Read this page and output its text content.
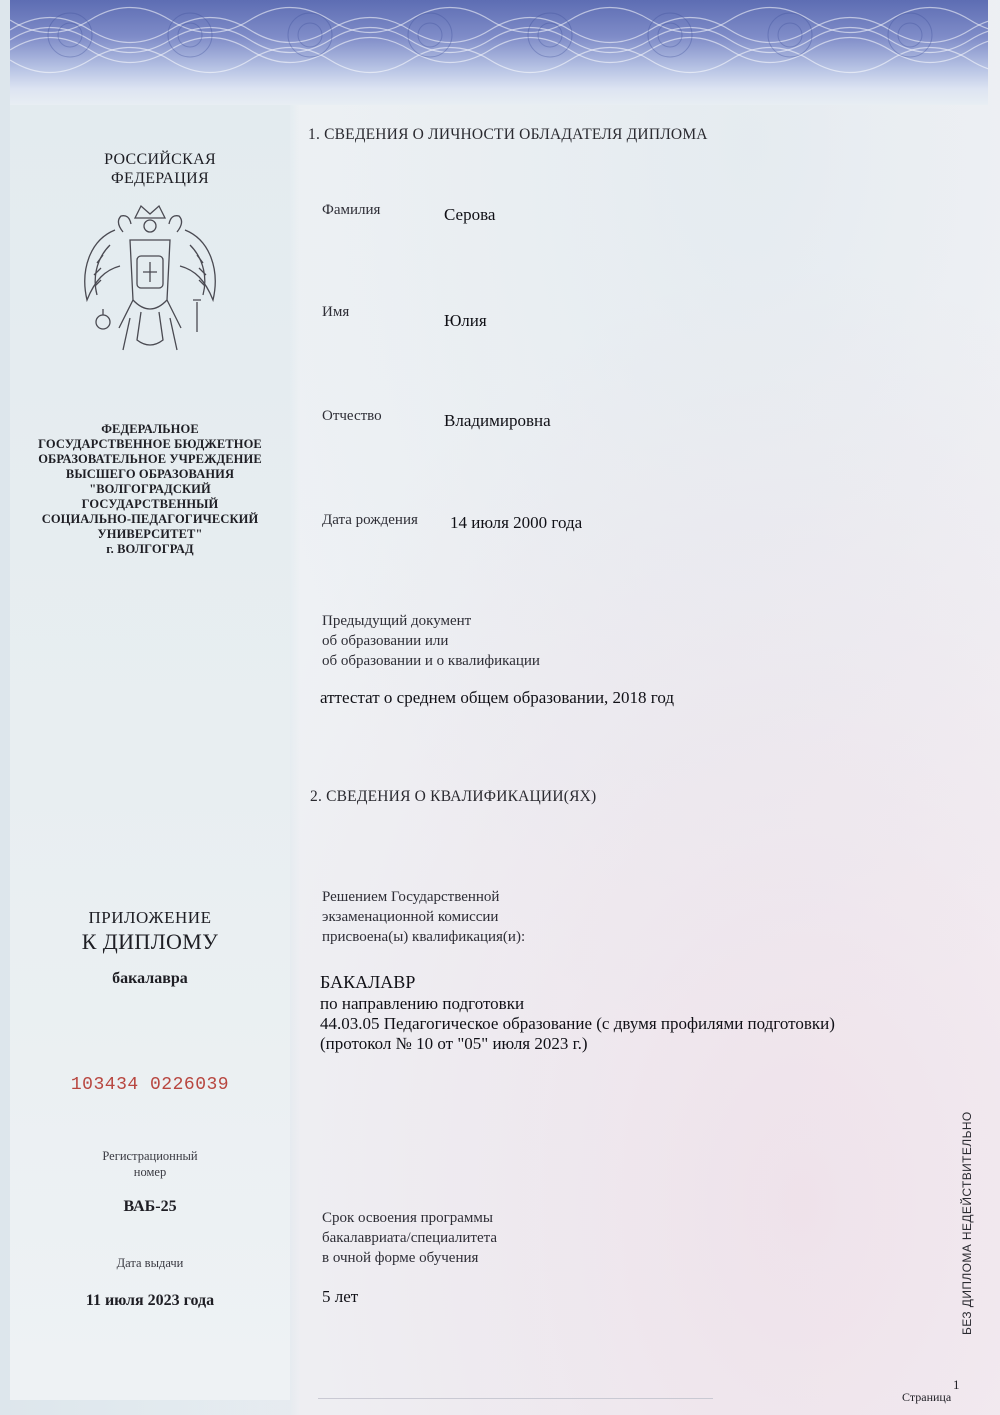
РОССИЙСКАЯ
ФЕДЕРАЦИЯ
ФЕДЕРАЛЬНОЕ
ГОСУДАРСТВЕННОЕ БЮДЖЕТНОЕ
ОБРАЗОВАТЕЛЬНОЕ УЧРЕЖДЕНИЕ
ВЫСШЕГО ОБРАЗОВАНИЯ
"ВОЛГОГРАДСКИЙ
ГОСУДАРСТВЕННЫЙ
СОЦИАЛЬНО-ПЕДАГОГИЧЕСКИЙ
УНИВЕРСИТЕТ"
г. ВОЛГОГРАД
ПРИЛОЖЕНИЕ
К ДИПЛОМУ
бакалавра
103434 0226039
Регистрационный
номер
ВАБ-25
Дата выдачи
11 июля 2023 года
1. СВЕДЕНИЯ О ЛИЧНОСТИ ОБЛАДАТЕЛЯ ДИПЛОМА
Фамилия	Серова
Имя	Юлия
Отчество	Владимировна
Дата рождения 14 июля 2000 года
Предыдущий документ
об образовании или
об образовании и о квалификации
аттестат о среднем общем образовании, 2018 год
2. СВЕДЕНИЯ О КВАЛИФИКАЦИИ(ЯХ)
Решением Государственной
экзаменационной комиссии
присвоена(ы) квалификация(и):
БАКАЛАВР
по направлению подготовки
44.03.05 Педагогическое образование (с двумя профилями подготовки)
(протокол № 10 от "05" июля 2023 г.)
Срок освоения программы
бакалавриата/специалитета
в очной форме обучения
5 лет	БЕЗ ДИПЛОМА НЕДЕЙСТВИТЕЛЬНО
1
Страница
